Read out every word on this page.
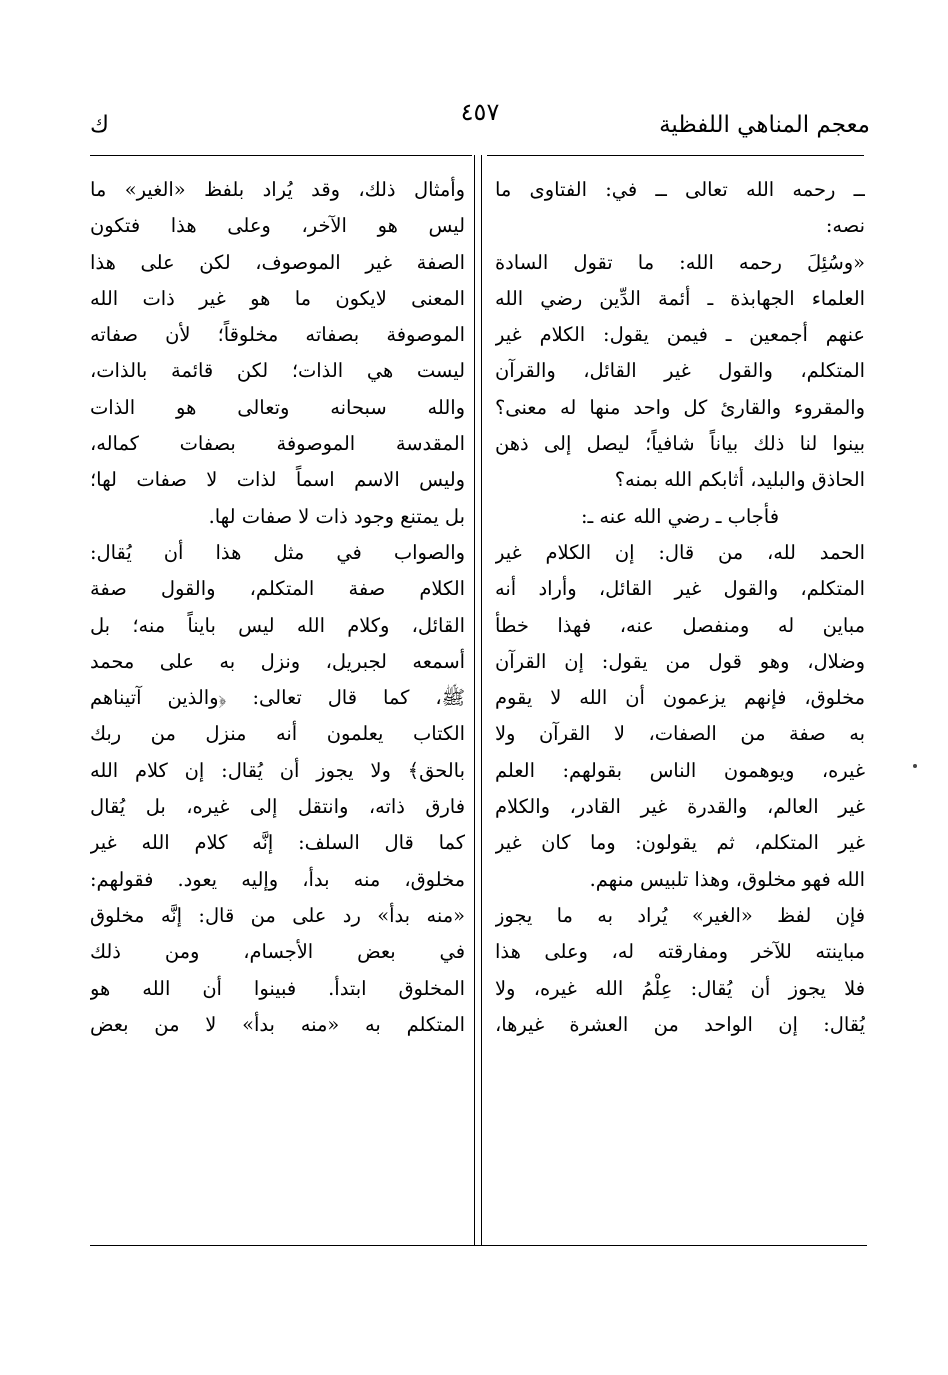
معجم المناهي اللفظية
٤٥٧
ك
ــ رحمه الله تعالى ــ في: الفتاوى ما
نصه:
«وسُئِلَ رحمه الله: ما تقول السادة
العلماء الجهابذة ـ أئمة الدِّين رضي الله
عنهم أجمعين ـ فيمن يقول: الكلام غير
المتكلم، والقول غير القائل، والقرآن
والمقروء والقارئ كل واحد منها له معنى؟
بينوا لنا ذلك بياناً شافياً؛ ليصل إلى ذهن
الحاذق والبليد، أثابكم الله بمنه؟
فأجاب ـ رضي الله عنه ـ:
الحمد لله، من قال: إن الكلام غير
المتكلم، والقول غير القائل، وأراد أنه
مباين له ومنفصل عنه، فهذا خطأ
وضلال، وهو قول من يقول: إن القرآن
مخلوق، فإنهم يزعمون أن الله لا يقوم
به صفة من الصفات، لا القرآن ولا
غيره، ويوهمون الناس بقولهم: العلم
غير العالم، والقدرة غير القادر، والكلام
غير المتكلم، ثم يقولون: وما كان غير
الله فهو مخلوق، وهذا تلبيس منهم.
فإن لفظ «الغير» يُراد به ما يجوز
مباينته للآخر ومفارقته له، وعلى هذا
فلا يجوز أن يُقال: عِلْمُ الله غيره، ولا
يُقال: إن الواحد من العشرة غيرها،
وأمثال ذلك، وقد يُراد بلفظ «الغير» ما
ليس هو الآخر، وعلى هذا فتكون
الصفة غير الموصوف، لكن على هذا
المعنى لايكون ما هو غير ذات الله
الموصوفة بصفاته مخلوقاً؛ لأن صفاته
ليست هي الذات؛ لكن قائمة بالذات،
والله سبحانه وتعالى هو الذات
المقدسة الموصوفة بصفات كماله،
وليس الاسم اسماً لذات لا صفات لها؛
بل يمتنع وجود ذات لا صفات لها.
والصواب في مثل هذا أن يُقال:
الكلام صفة المتكلم، والقول صفة
القائل، وكلام الله ليس بايناً منه؛ بل
أسمعه لجبريل، ونزل به على محمد
ﷺ، كما قال تعالى: ﴿والذين آتيناهم
الكتاب يعلمون أنه منزل من ربك
بالحق﴾ ولا يجوز أن يُقال: إن كلام الله
فارق ذاته، وانتقل إلى غيره، بل يُقال
كما قال السلف: إنَّه كلام الله غير
مخلوق، منه بدأ، وإليه يعود. فقولهم:
«منه بدأ» رد على من قال: إنَّه مخلوق
في بعض الأجسام، ومن ذلك
المخلوق ابتدأ. فبينوا أن الله هو
المتكلم به «منه بدأ» لا من بعض
